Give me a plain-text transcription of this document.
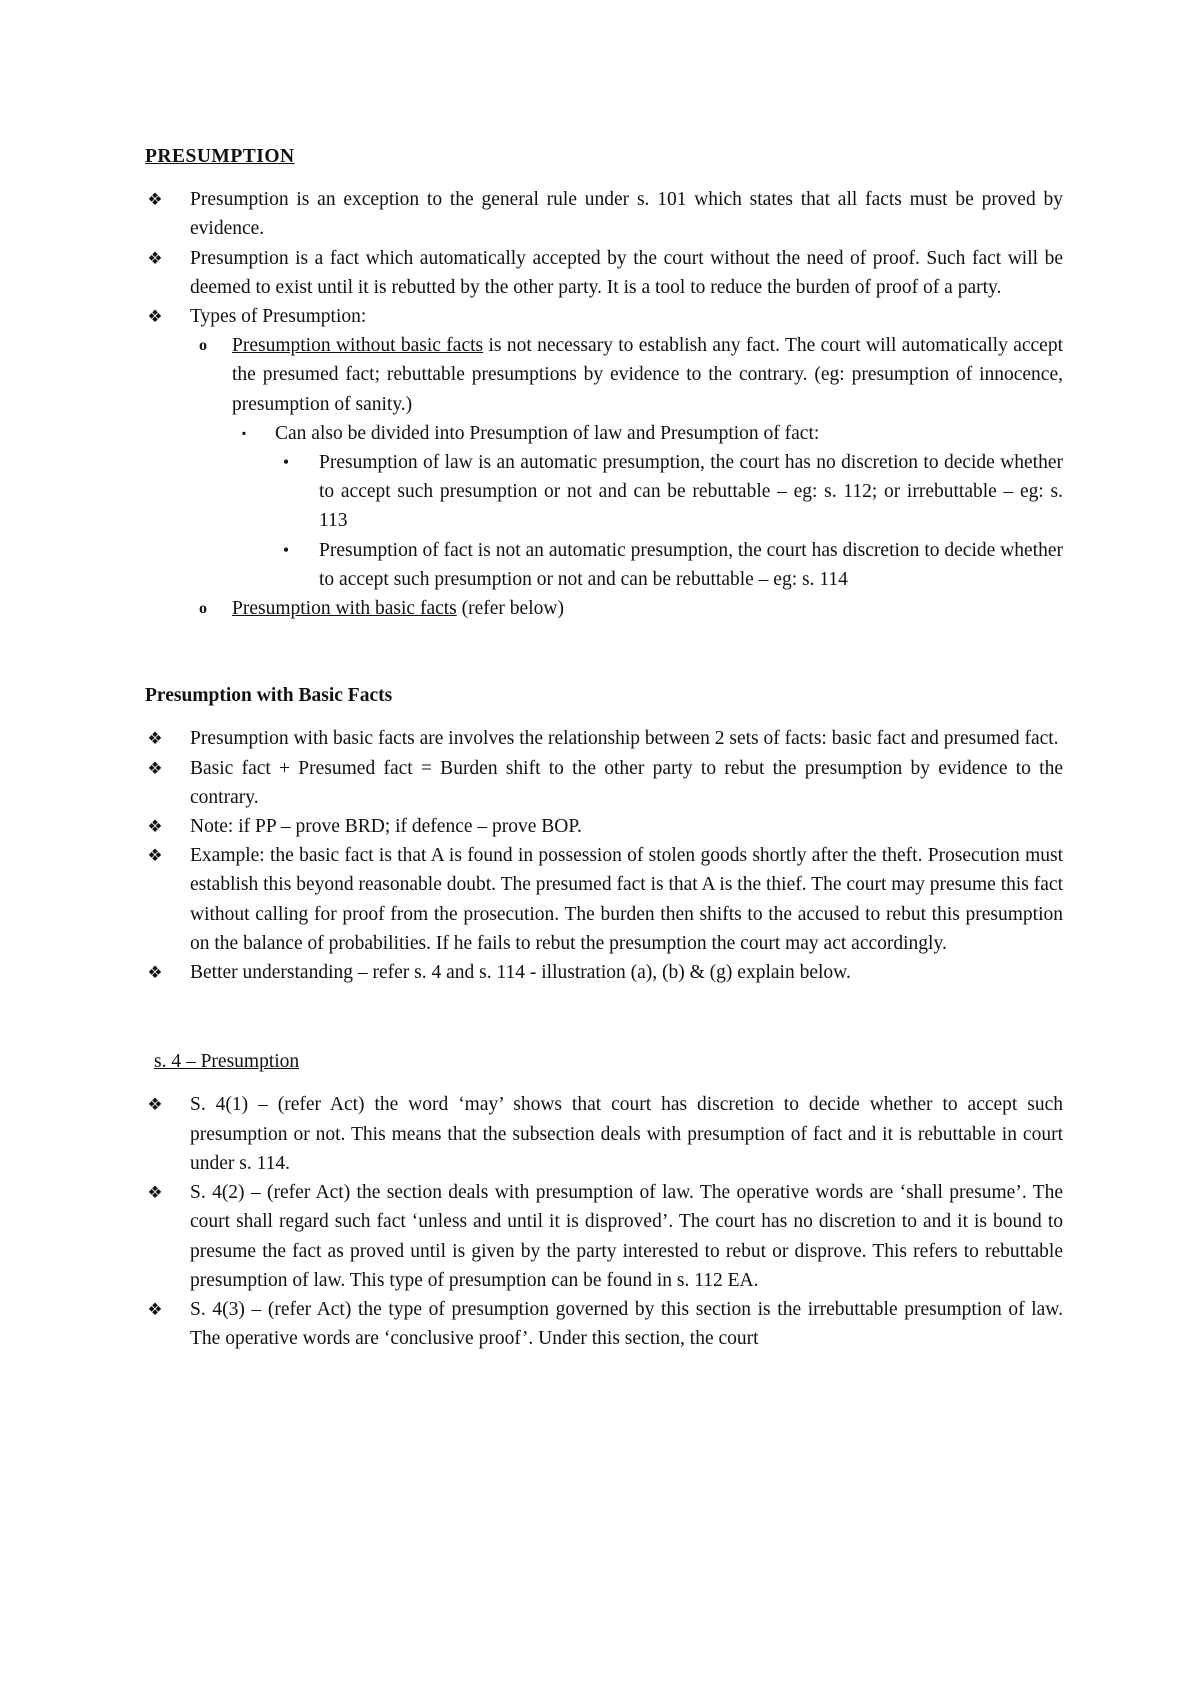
PRESUMPTION
❖ Presumption is an exception to the general rule under s. 101 which states that all facts must be proved by evidence.
❖ Presumption is a fact which automatically accepted by the court without the need of proof. Such fact will be deemed to exist until it is rebutted by the other party. It is a tool to reduce the burden of proof of a party.
❖ Types of Presumption:
o Presumption without basic facts is not necessary to establish any fact. The court will automatically accept the presumed fact; rebuttable presumptions by evidence to the contrary. (eg: presumption of innocence, presumption of sanity.)
▪ Can also be divided into Presumption of law and Presumption of fact:
• Presumption of law is an automatic presumption, the court has no discretion to decide whether to accept such presumption or not and can be rebuttable – eg: s. 112; or irrebuttable – eg: s. 113
• Presumption of fact is not an automatic presumption, the court has discretion to decide whether to accept such presumption or not and can be rebuttable – eg: s. 114
o Presumption with basic facts (refer below)
Presumption with Basic Facts
❖ Presumption with basic facts are involves the relationship between 2 sets of facts: basic fact and presumed fact.
❖ Basic fact + Presumed fact = Burden shift to the other party to rebut the presumption by evidence to the contrary.
❖ Note: if PP – prove BRD; if defence – prove BOP.
❖ Example: the basic fact is that A is found in possession of stolen goods shortly after the theft. Prosecution must establish this beyond reasonable doubt. The presumed fact is that A is the thief. The court may presume this fact without calling for proof from the prosecution. The burden then shifts to the accused to rebut this presumption on the balance of probabilities. If he fails to rebut the presumption the court may act accordingly.
❖ Better understanding – refer s. 4 and s. 114 - illustration (a), (b) & (g) explain below.
s. 4 – Presumption
❖ S. 4(1) – (refer Act) the word ‘may’ shows that court has discretion to decide whether to accept such presumption or not. This means that the subsection deals with presumption of fact and it is rebuttable in court under s. 114.
❖ S. 4(2) – (refer Act) the section deals with presumption of law. The operative words are ‘shall presume’. The court shall regard such fact ‘unless and until it is disproved’. The court has no discretion to and it is bound to presume the fact as proved until is given by the party interested to rebut or disprove. This refers to rebuttable presumption of law. This type of presumption can be found in s. 112 EA.
❖ S. 4(3) – (refer Act) the type of presumption governed by this section is the irrebuttable presumption of law. The operative words are ‘conclusive proof’. Under this section, the court
